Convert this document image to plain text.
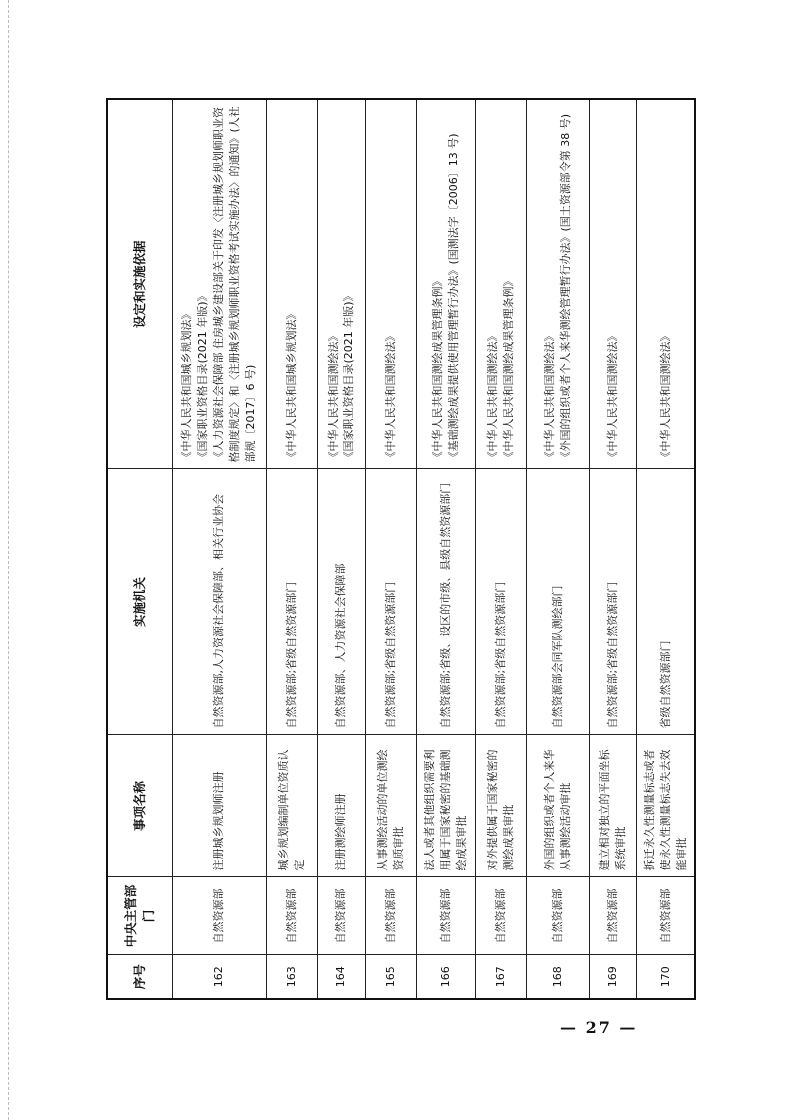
序号	中央主管部门	事项名称	实施机关	设定和实施依据
162	自然资源部	注册城乡规划师注册	自然资源部,人力资源社会保障部、相关行业协会	《中华人民共和国城乡规划法》 《国家职业资格目录(2021 年版)》 《人力资源社会保障部 住房城乡建设部关于印发〈注册城乡规划师职业资格制度规定〉和〈注册城乡规划师职业资格考试实施办法〉的通知》(人社部规〔2017〕6 号)

163	自然资源部	城乡规划编制单位资质认定	自然资源部;省级自然资源部门	《中华人民共和国城乡规划法》

164	自然资源部	注册测绘师注册	自然资源部、人力资源社会保障部	《中华人民共和国测绘法》 《国家职业资格目录(2021 年版)》

165	自然资源部	从事测绘活动的单位测绘资质审批	自然资源部;省级自然资源部门	《中华人民共和国测绘法》

166	自然资源部	法人或者其他组织需要利用属于国家秘密的基础测绘成果审批	自然资源部;省级、设区的市级、县级自然资源部门	《中华人民共和国测绘成果管理条例》 《基础测绘成果提供使用管理暂行办法》(国测法字〔2006〕13 号)

167	自然资源部	对外提供属于国家秘密的测绘成果审批	自然资源部;省级自然资源部门	《中华人民共和国测绘法》 《中华人民共和国测绘成果管理条例》

168	自然资源部	外国的组织或者个人来华从事测绘活动审批	自然资源部会同军队测绘部门	《中华人民共和国测绘法》 《外国的组织或者个人来华测绘管理暂行办法》(国土资源部令第 38 号)

169	自然资源部	建立相对独立的平面坐标系统审批	自然资源部;省级自然资源部门	《中华人民共和国测绘法》

170	自然资源部	拆迁永久性测量标志或者使永久性测量标志失去效能审批	省级自然资源部门	《中华人民共和国测绘法》
— 27 —
